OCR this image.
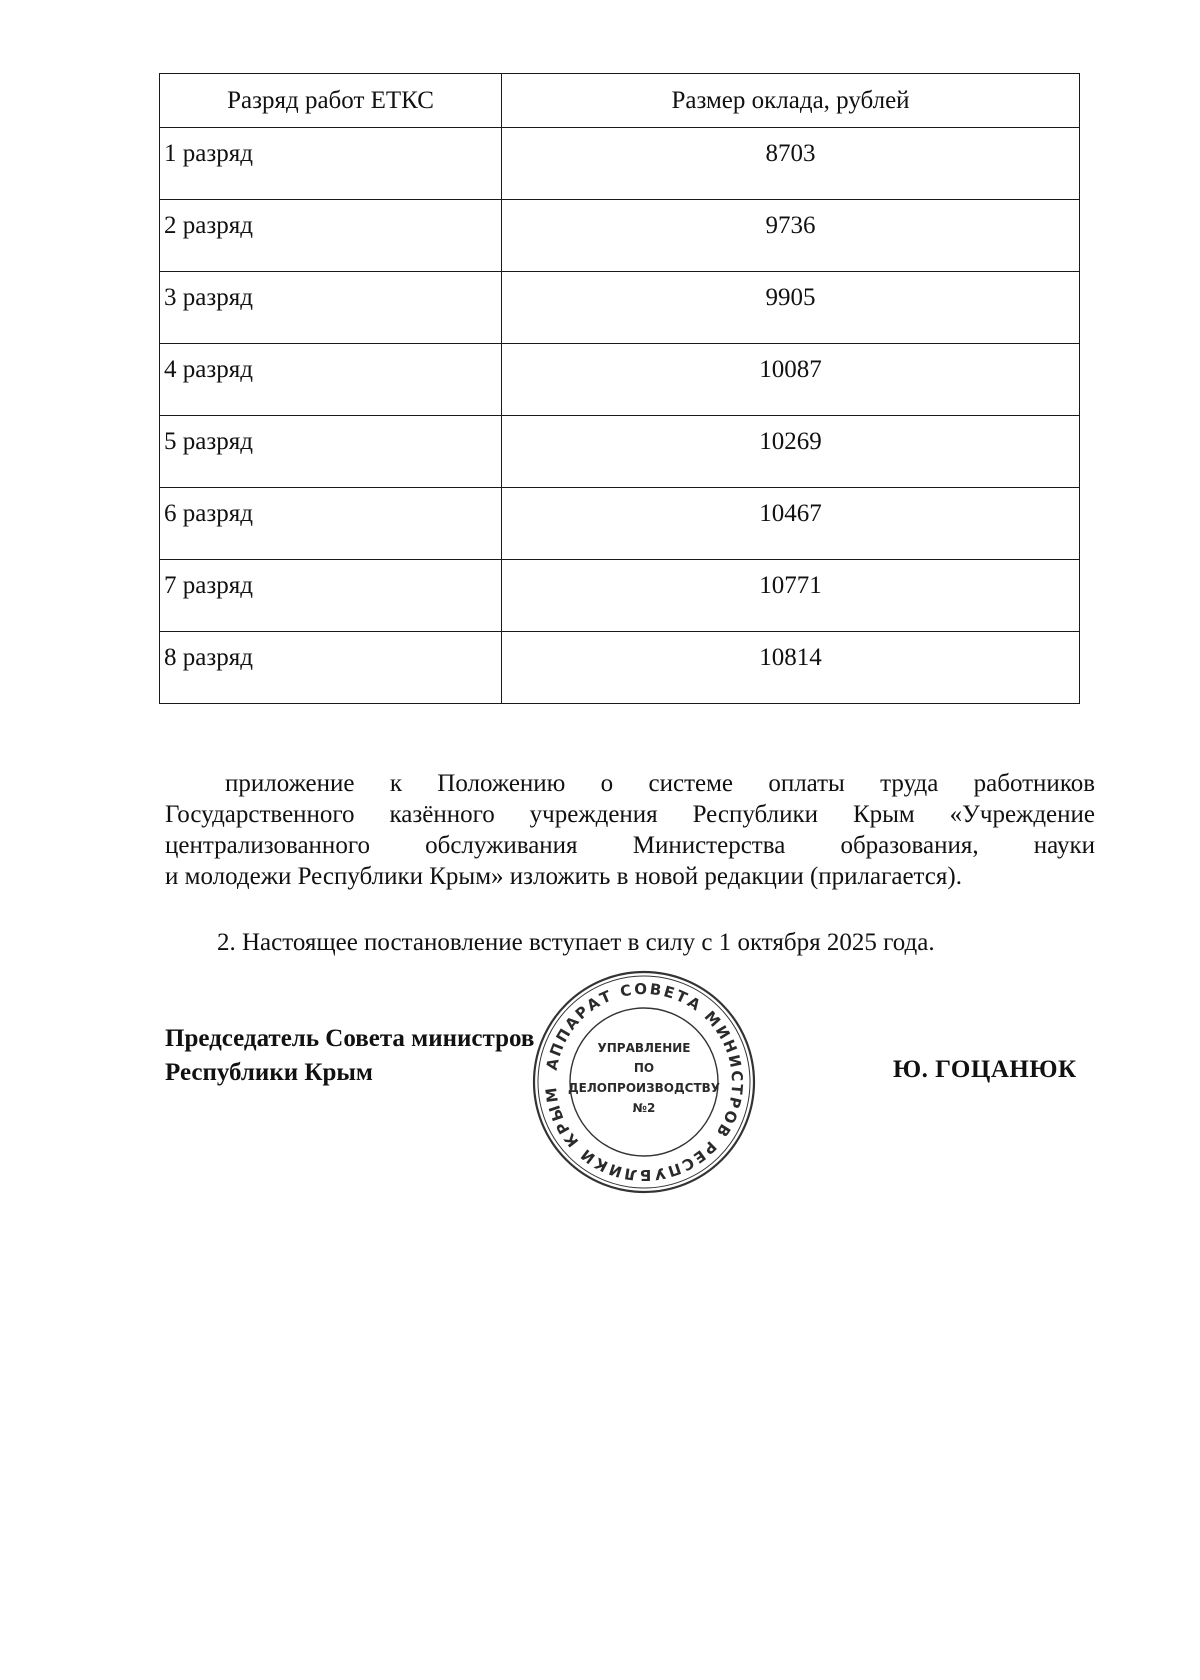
Разряд работ ЕТКС	Размер оклада, рублей
1 разряд	8703
2 разряд	9736
3 разряд	9905
4 разряд	10087
5 разряд	10269
6 разряд	10467
7 разряд	10771
8 разряд	10814
приложение к Положению о системе оплаты труда работников
Государственного казённого учреждения Республики Крым «Учреждение
централизованного обслуживания Министерства образования, науки
и молодежи Республики Крым» изложить в новой редакции (прилагается).
2. Настоящее постановление вступает в силу с 1 октября 2025 года.
Председатель Совета министров
Республики Крым	АППАРАТ СОВЕТА МИНИСТРОВ РЕСПУБЛИКИ КРЫМ
УПРАВЛЕНИЕ
ПО
ДЕЛОПРОИЗВОДСТВУ
№2
Ю. ГОЦАНЮК
